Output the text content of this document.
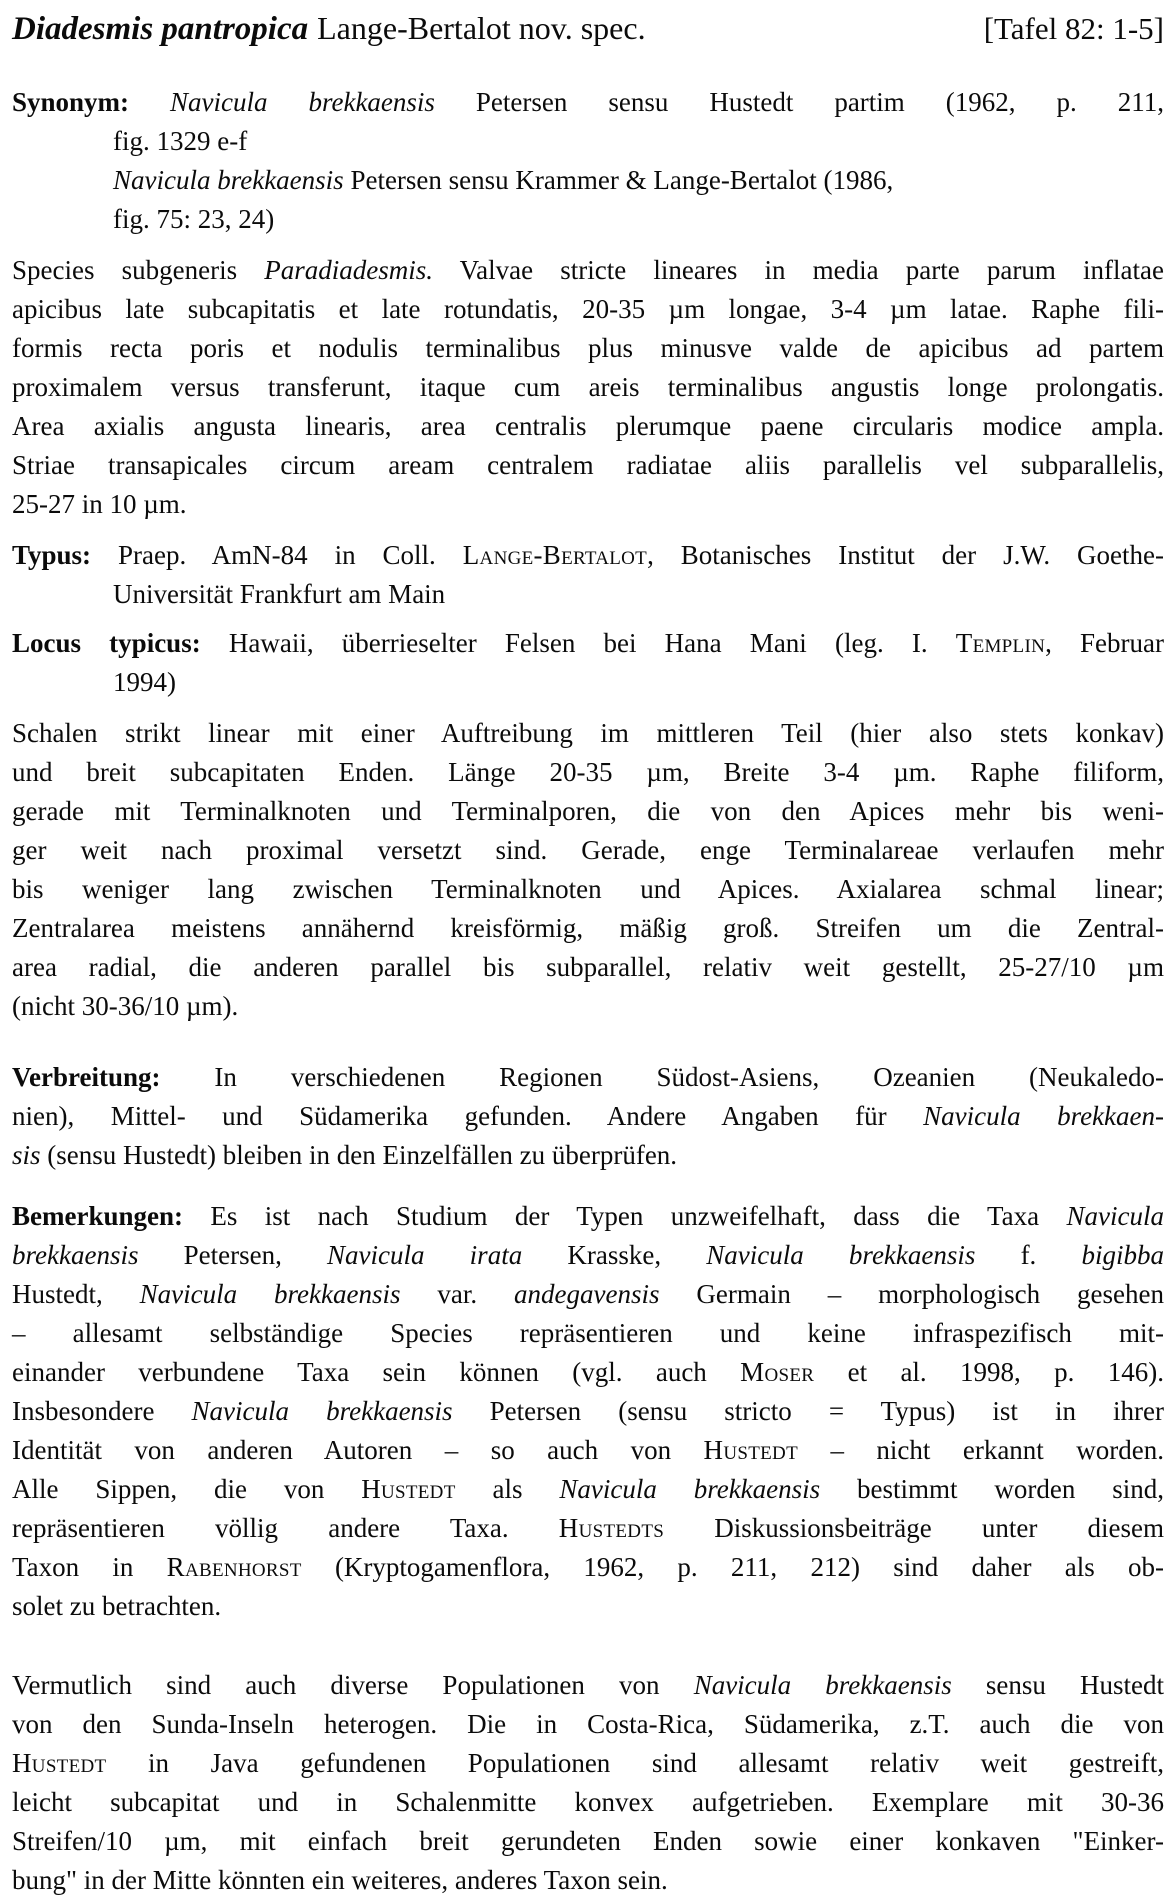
Diadesmis pantropica Lange-Bertalot nov. spec.	[Tafel 82: 1-5]
Synonym: Navicula brekkaensis Petersen sensu Hustedt partim (1962, p. 211,
fig. 1329 e-f
Navicula brekkaensis Petersen sensu Krammer & Lange-Bertalot (1986,
fig. 75: 23, 24)
Species subgeneris Paradiadesmis. Valvae stricte lineares in media parte parum inflatae
apicibus late subcapitatis et late rotundatis, 20-35 µm longae, 3-4 µm latae. Raphe fili-
formis recta poris et nodulis terminalibus plus minusve valde de apicibus ad partem
proximalem versus transferunt, itaque cum areis terminalibus angustis longe prolongatis.
Area axialis angusta linearis, area centralis plerumque paene circularis modice ampla.
Striae transapicales circum aream centralem radiatae aliis parallelis vel subparallelis,
25-27 in 10 µm.
Typus: Praep. AmN-84 in Coll. Lange-Bertalot, Botanisches Institut der J.W. Goethe-
Universität Frankfurt am Main
Locus typicus: Hawaii, überrieselter Felsen bei Hana Mani (leg. I. Templin, Februar
1994)
Schalen strikt linear mit einer Auftreibung im mittleren Teil (hier also stets konkav)
und breit subcapitaten Enden. Länge 20-35 µm, Breite 3-4 µm. Raphe filiform,
gerade mit Terminalknoten und Terminalporen, die von den Apices mehr bis weni-
ger weit nach proximal versetzt sind. Gerade, enge Terminalareae verlaufen mehr
bis weniger lang zwischen Terminalknoten und Apices. Axialarea schmal linear;
Zentralarea meistens annähernd kreisförmig, mäßig groß. Streifen um die Zentral-
area radial, die anderen parallel bis subparallel, relativ weit gestellt, 25-27/10 µm
(nicht 30-36/10 µm).
Verbreitung: In verschiedenen Regionen Südost-Asiens, Ozeanien (Neukaledo-
nien), Mittel- und Südamerika gefunden. Andere Angaben für Navicula brekkaen-
sis (sensu Hustedt) bleiben in den Einzelfällen zu überprüfen.
Bemerkungen: Es ist nach Studium der Typen unzweifelhaft, dass die Taxa Navicula
brekkaensis Petersen, Navicula irata Krasske, Navicula brekkaensis f. bigibba
Hustedt, Navicula brekkaensis var. andegavensis Germain – morphologisch gesehen
– allesamt selbständige Species repräsentieren und keine infraspezifisch mit-
einander verbundene Taxa sein können (vgl. auch Moser et al. 1998, p. 146).
Insbesondere Navicula brekkaensis Petersen (sensu stricto = Typus) ist in ihrer
Identität von anderen Autoren – so auch von Hustedt – nicht erkannt worden.
Alle Sippen, die von Hustedt als Navicula brekkaensis bestimmt worden sind,
repräsentieren völlig andere Taxa. Hustedts Diskussionsbeiträge unter diesem
Taxon in Rabenhorst (Kryptogamenflora, 1962, p. 211, 212) sind daher als ob-
solet zu betrachten.
Vermutlich sind auch diverse Populationen von Navicula brekkaensis sensu Hustedt
von den Sunda-Inseln heterogen. Die in Costa-Rica, Südamerika, z.T. auch die von
Hustedt in Java gefundenen Populationen sind allesamt relativ weit gestreift,
leicht subcapitat und in Schalenmitte konvex aufgetrieben. Exemplare mit 30-36
Streifen/10 µm, mit einfach breit gerundeten Enden sowie einer konkaven "Einker-
bung" in der Mitte könnten ein weiteres, anderes Taxon sein.
